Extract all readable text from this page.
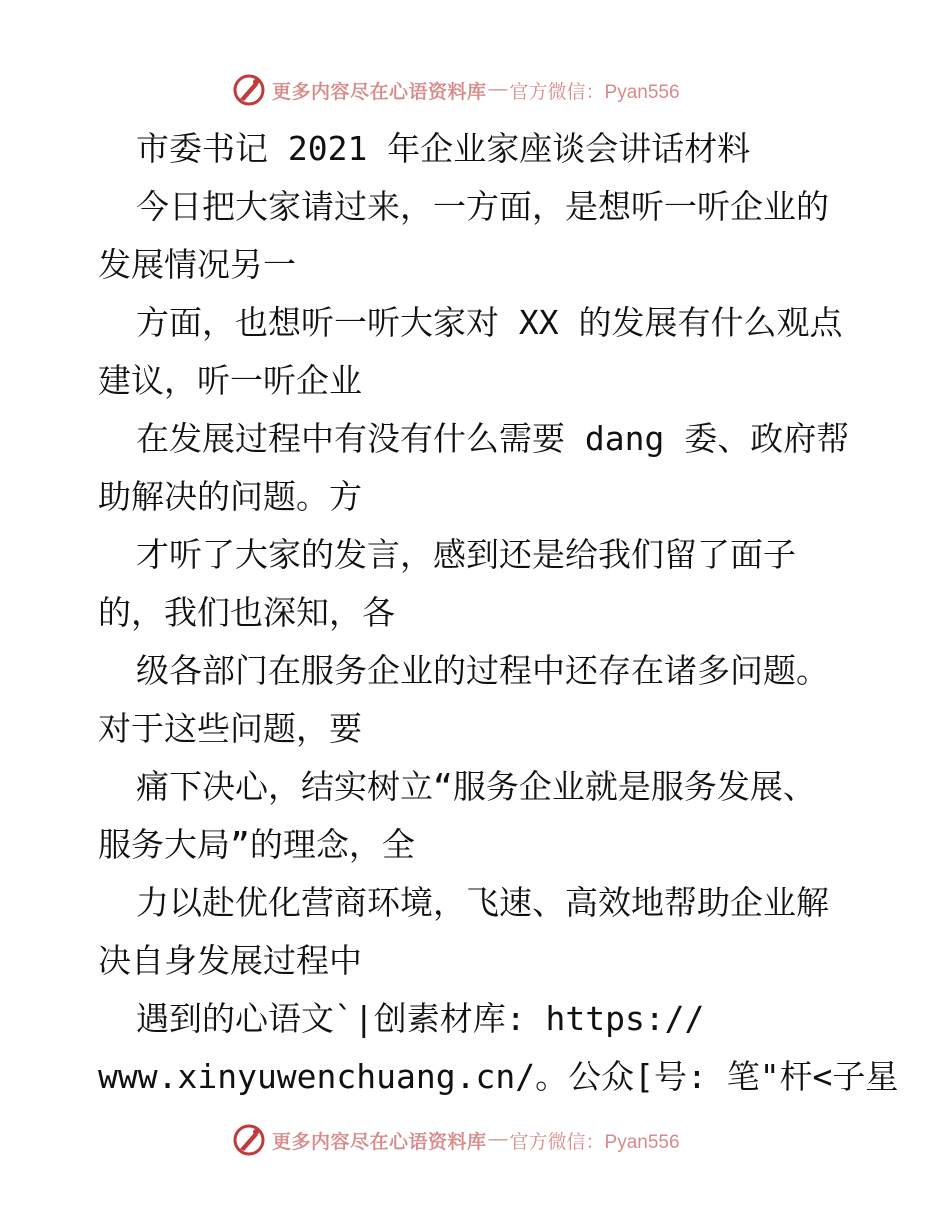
更多内容尽在心语资料库 — 官方微信：Pyan556
市委书记 2021 年企业家座谈会讲话材料
今日把大家请过来，一方面，是想听一听企业的
发展情况另一
方面，也想听一听大家对 XX 的发展有什么观点
建议，听一听企业
在发展过程中有没有什么需要 dang 委、政府帮
助解决的问题。方
才听了大家的发言，感到还是给我们留了面子
的，我们也深知，各
级各部门在服务企业的过程中还存在诸多问题。
对于这些问题，要
痛下决心，结实树立“服务企业就是服务发展、
服务大局”的理念，全
力以赴优化营商环境，飞速、高效地帮助企业解
决自身发展过程中
遇到的心语文`|创素材库: https://
www.xinyuwenchuang.cn/。公众[号: 笔"杆<子星
更多内容尽在心语资料库 — 官方微信：Pyan556
